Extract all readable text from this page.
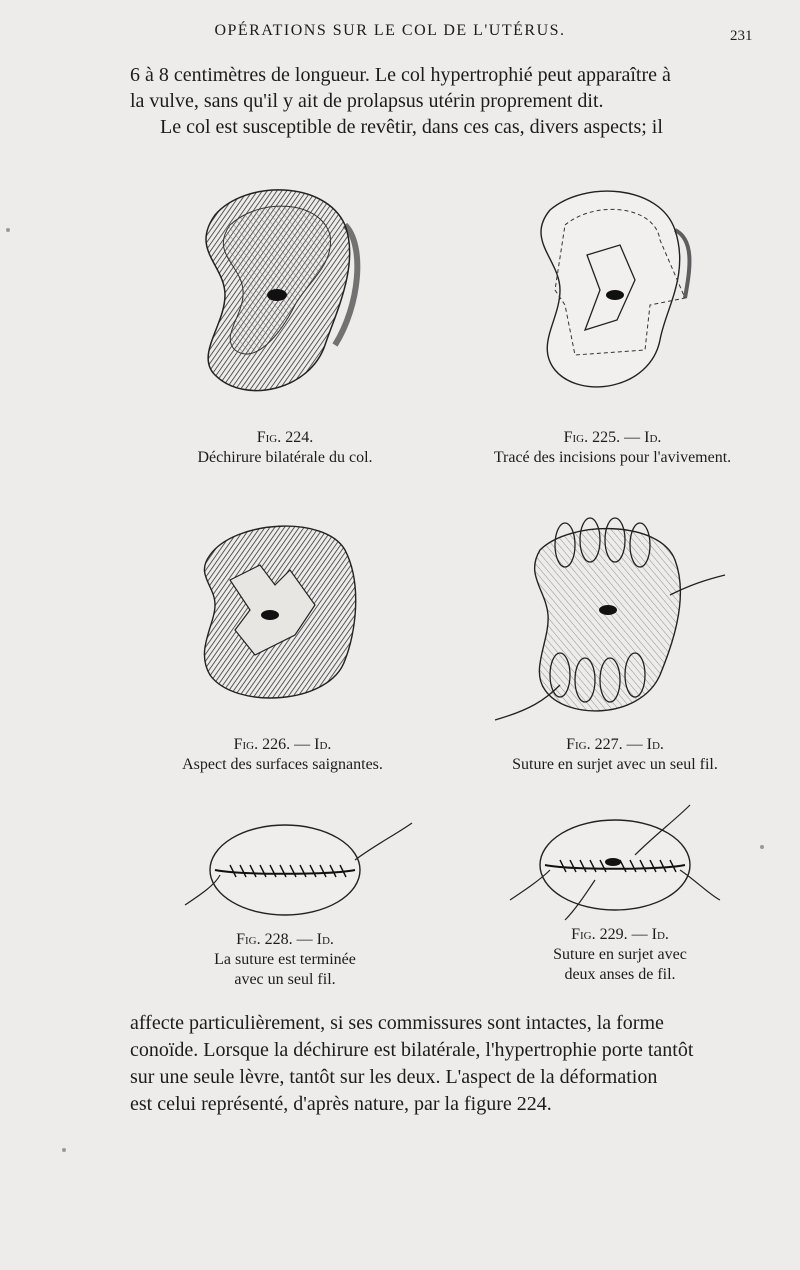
OPÉRATIONS SUR LE COL DE L'UTÉRUS.	231

6 à 8 centimètres de longueur. Le col hypertrophié peut apparaître à

la vulve, sans qu'il y ait de prolapsus utérin proprement dit.

Le col est susceptible de revêtir, dans ces cas, divers aspects; il

Fig. 224.
Déchirure bilatérale du col.
Fig. 225. — Id.
Tracé des incisions pour l'avivement.
Fig. 226. — Id.
Aspect des surfaces saignantes.
Fig. 227. — Id.
Suture en surjet avec un seul fil.
Fig. 228. — Id.
La suture est terminée
avec un seul fil.
Fig. 229. — Id.
Suture en surjet avec
deux anses de fil.

affecte particulièrement, si ses commissures sont intactes, la forme

conoïde. Lorsque la déchirure est bilatérale, l'hypertrophie porte tantôt

sur une seule lèvre, tantôt sur les deux. L'aspect de la déformation

est celui représenté, d'après nature, par la figure 224.
